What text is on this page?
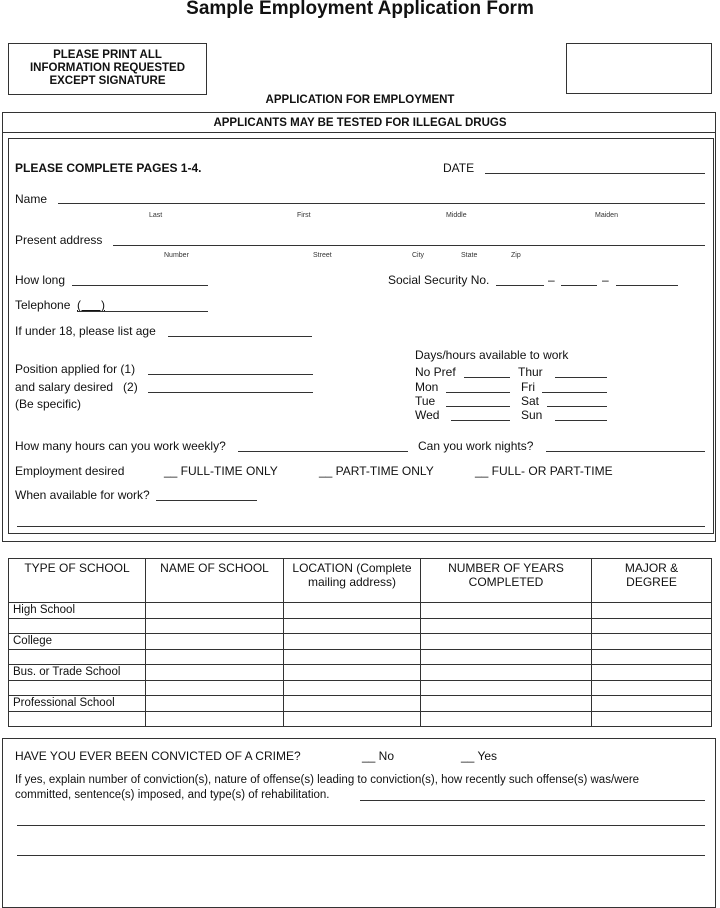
Sample Employment Application Form
PLEASE PRINT ALL
INFORMATION REQUESTED
EXCEPT SIGNATURE
APPLICATION FOR EMPLOYMENT
APPLICANTS MAY BE TESTED FOR ILLEGAL DRUGS
PLEASE COMPLETE PAGES 1-4.	DATE
Name
Last	First	Middle	Maiden
Present address
Number	Street	City	State	Zip
How long	Social Security No.	–	–
Telephone (      )
If under 18, please list age
Position applied for (1)
and salary desired   (2)
(Be specific)
Days/hours available to work
No Pref	Thur
Mon	Fri
Tue	Sat
Wed	Sun
How many hours can you work weekly?	Can you work nights?
Employment desired	__ FULL-TIME ONLY	__ PART-TIME ONLY	__ FULL- OR PART-TIME
When available for work?
TYPE OF SCHOOL	NAME OF SCHOOL	LOCATION (Complete mailing address)	NUMBER OF YEARS COMPLETED	MAJOR & DEGREE
High School				

College				

Bus. or Trade School				

Professional School				

HAVE YOU EVER BEEN CONVICTED OF A CRIME?	__ No	__ Yes
If yes, explain number of conviction(s), nature of offense(s) leading to conviction(s), how recently such offense(s) was/were
committed, sentence(s) imposed, and type(s) of rehabilitation.
